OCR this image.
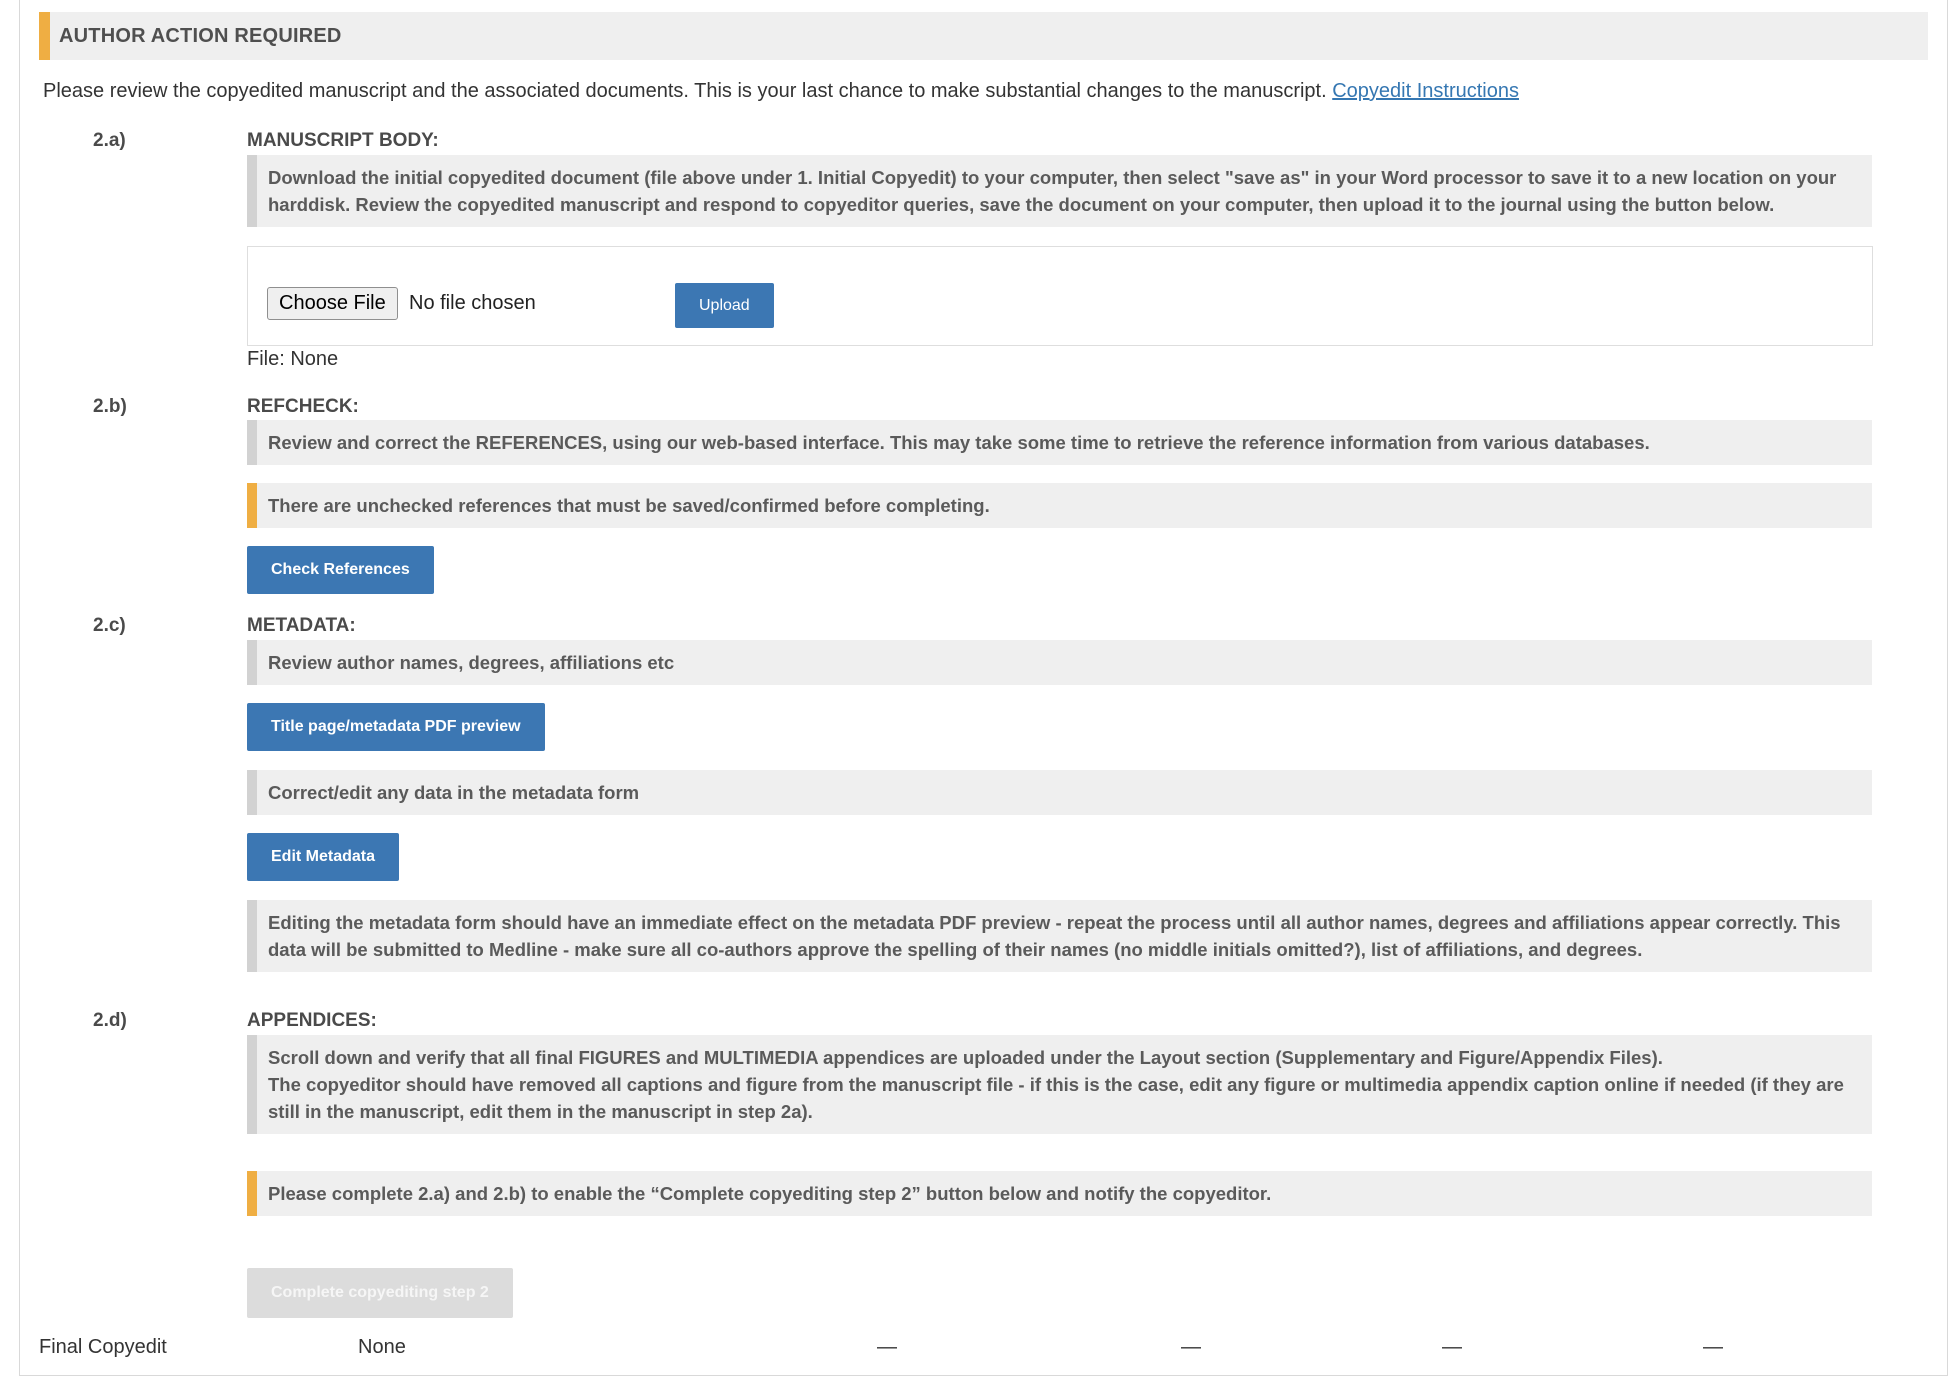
AUTHOR ACTION REQUIRED
Please review the copyedited manuscript and the associated documents. This is your last chance to make substantial changes to the manuscript. Copyedit Instructions
2.a)	MANUSCRIPT BODY:
Download the initial copyedited document (file above under 1. Initial Copyedit) to your computer, then select "save as" in your Word processor to save it to a new location on your harddisk. Review the copyedited manuscript and respond to copyeditor queries, save the document on your computer, then upload it to the journal using the button below.
Choose File	No file chosen	Upload
File: None
2.b)	REFCHECK:
Review and correct the REFERENCES, using our web-based interface. This may take some time to retrieve the reference information from various databases.
There are unchecked references that must be saved/confirmed before completing.
Check References
2.c)	METADATA:
Review author names, degrees, affiliations etc
Title page/metadata PDF preview
Correct/edit any data in the metadata form
Edit Metadata
Editing the metadata form should have an immediate effect on the metadata PDF preview - repeat the process until all author names, degrees and affiliations appear correctly. This data will be submitted to Medline - make sure all co-authors approve the spelling of their names (no middle initials omitted?), list of affiliations, and degrees.
2.d)	APPENDICES:
Scroll down and verify that all final FIGURES and MULTIMEDIA appendices are uploaded under the Layout section (Supplementary and Figure/Appendix Files).
The copyeditor should have removed all captions and figure from the manuscript file - if this is the case, edit any figure or multimedia appendix caption online if needed (if they are still in the manuscript, edit them in the manuscript in step 2a).
Please complete 2.a) and 2.b) to enable the “Complete copyediting step 2” button below and notify the copyeditor.
Complete copyediting step 2
Final Copyedit	None	—	—	—	—
